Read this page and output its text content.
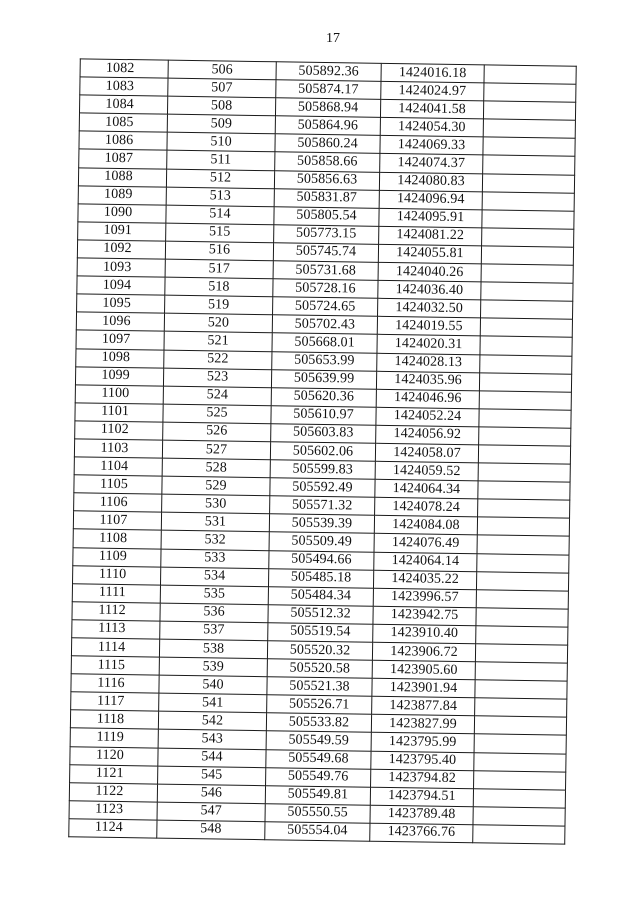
17
1082	506	505892.36	1424016.18	
1083	507	505874.17	1424024.97	
1084	508	505868.94	1424041.58	
1085	509	505864.96	1424054.30	
1086	510	505860.24	1424069.33	
1087	511	505858.66	1424074.37	
1088	512	505856.63	1424080.83	
1089	513	505831.87	1424096.94	
1090	514	505805.54	1424095.91	
1091	515	505773.15	1424081.22	
1092	516	505745.74	1424055.81	
1093	517	505731.68	1424040.26	
1094	518	505728.16	1424036.40	
1095	519	505724.65	1424032.50	
1096	520	505702.43	1424019.55	
1097	521	505668.01	1424020.31	
1098	522	505653.99	1424028.13	
1099	523	505639.99	1424035.96	
1100	524	505620.36	1424046.96	
1101	525	505610.97	1424052.24	
1102	526	505603.83	1424056.92	
1103	527	505602.06	1424058.07	
1104	528	505599.83	1424059.52	
1105	529	505592.49	1424064.34	
1106	530	505571.32	1424078.24	
1107	531	505539.39	1424084.08	
1108	532	505509.49	1424076.49	
1109	533	505494.66	1424064.14	
1110	534	505485.18	1424035.22	
1111	535	505484.34	1423996.57	
1112	536	505512.32	1423942.75	
1113	537	505519.54	1423910.40	
1114	538	505520.32	1423906.72	
1115	539	505520.58	1423905.60	
1116	540	505521.38	1423901.94	
1117	541	505526.71	1423877.84	
1118	542	505533.82	1423827.99	
1119	543	505549.59	1423795.99	
1120	544	505549.68	1423795.40	
1121	545	505549.76	1423794.82	
1122	546	505549.81	1423794.51	
1123	547	505550.55	1423789.48	
1124	548	505554.04	1423766.76	
